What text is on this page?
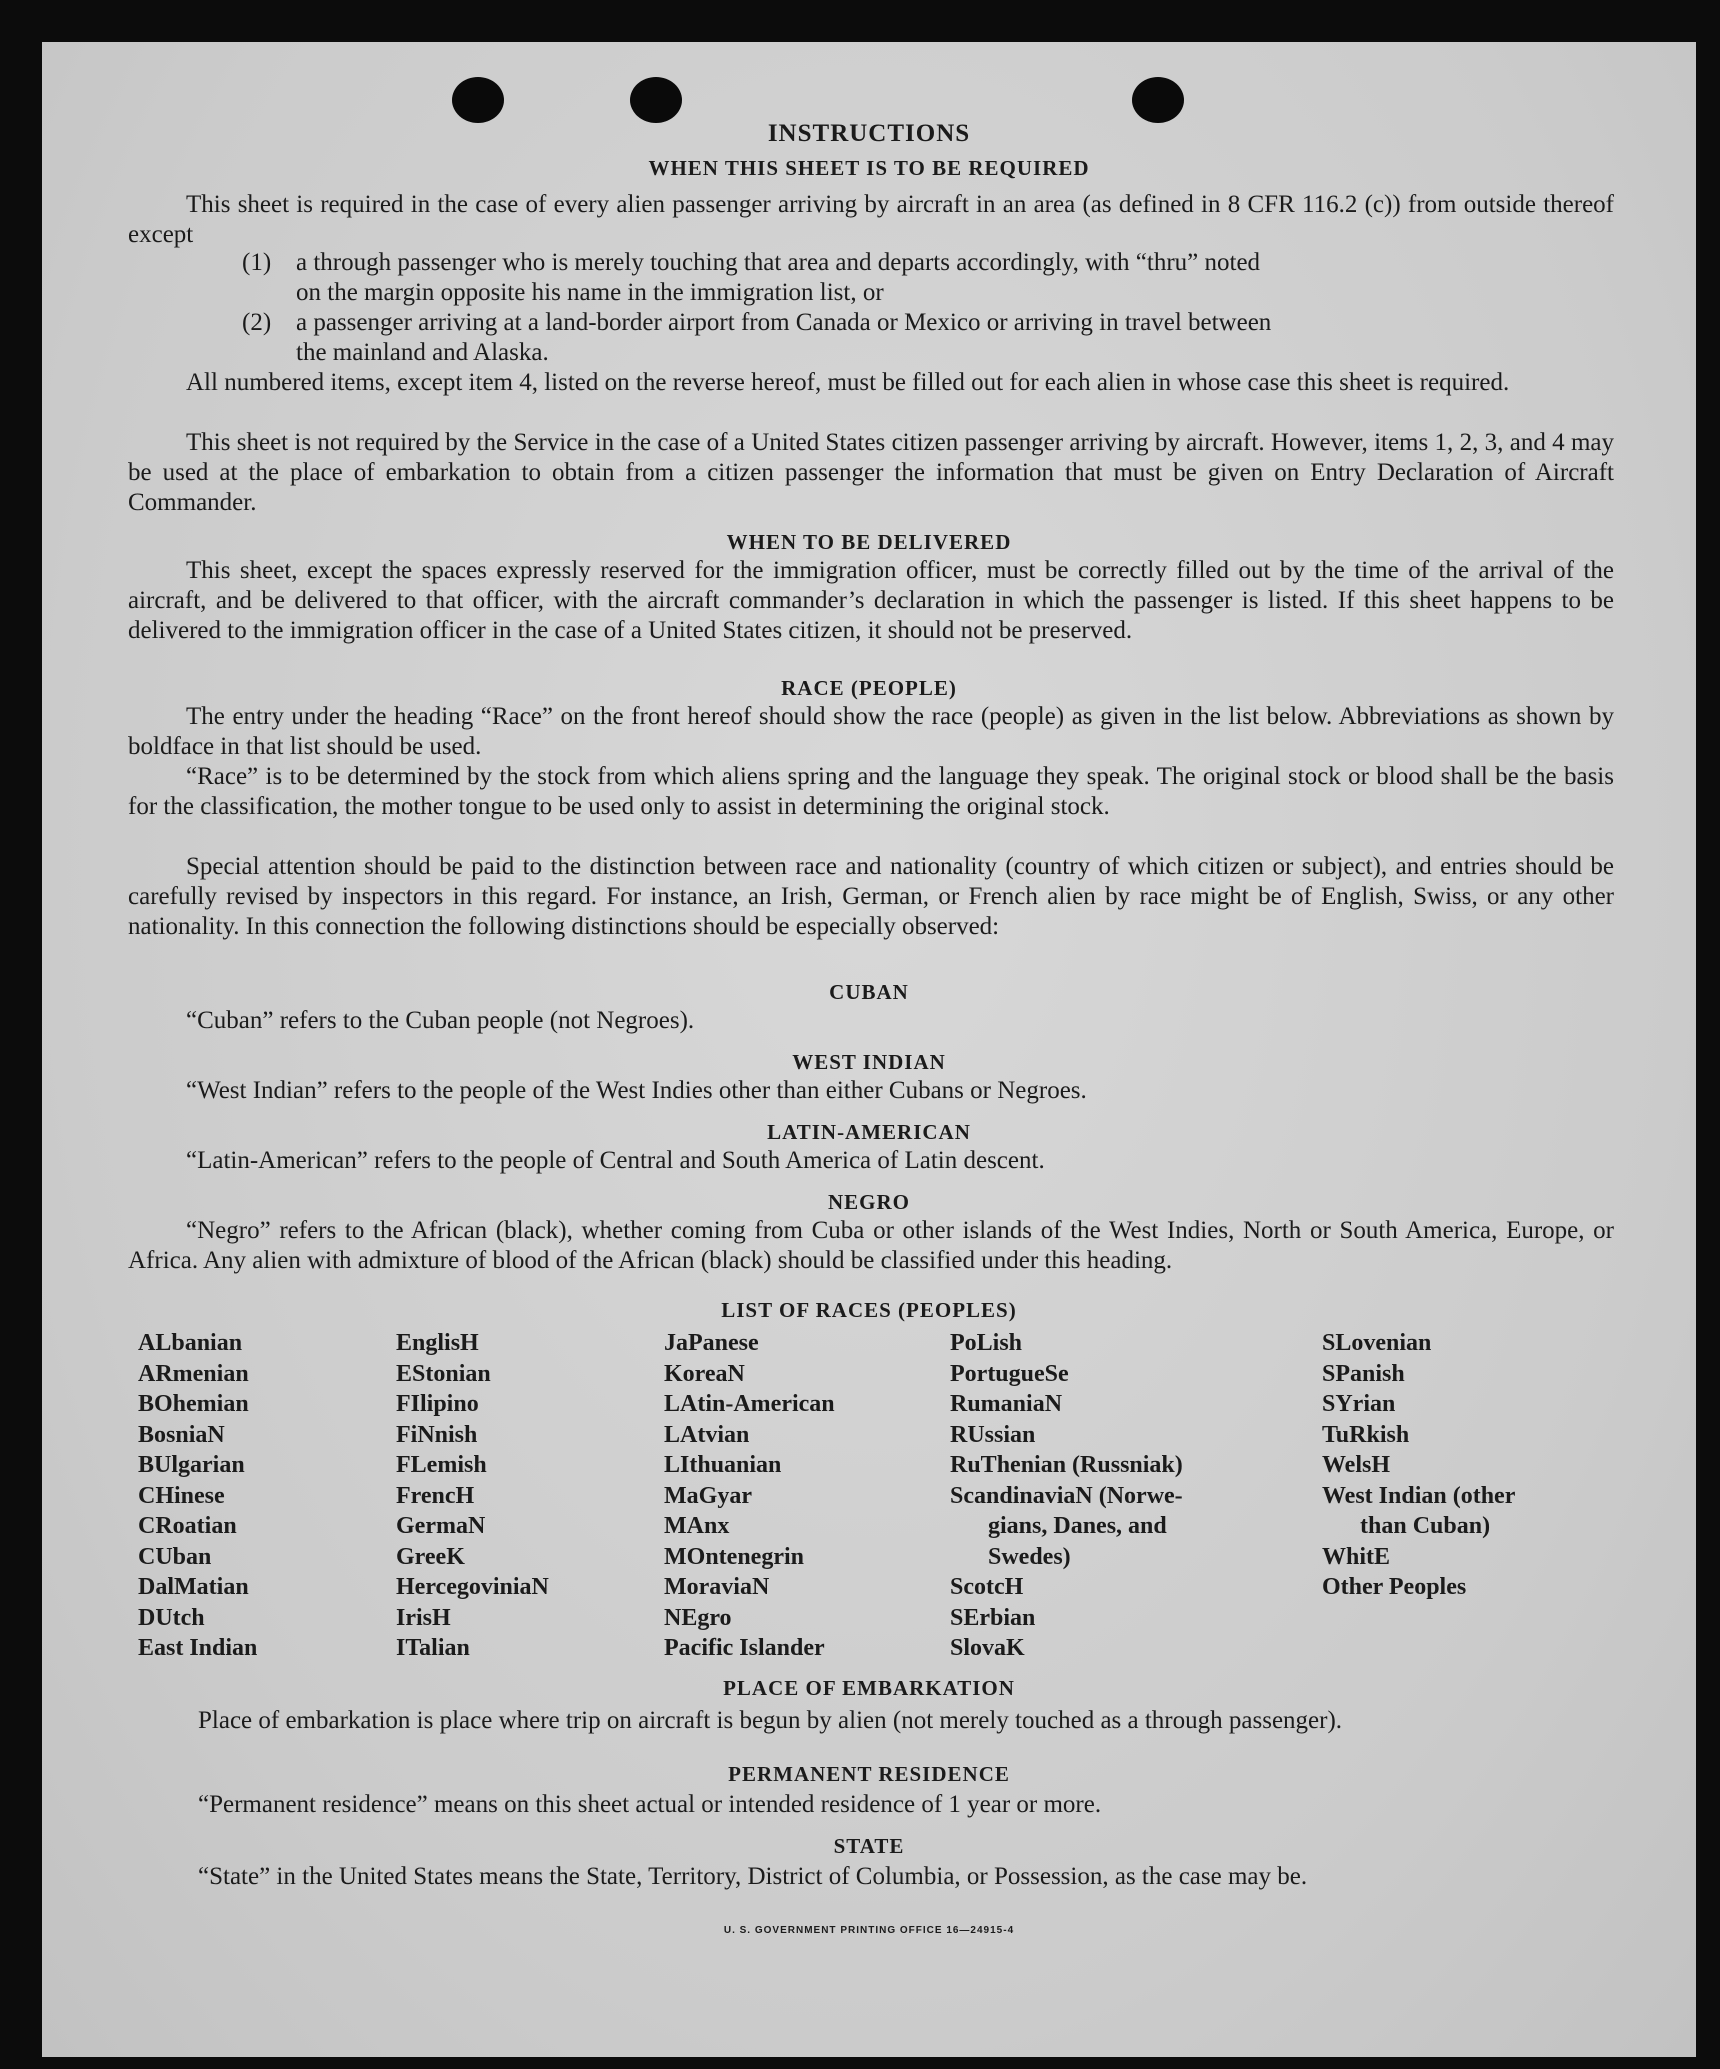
INSTRUCTIONS
WHEN THIS SHEET IS TO BE REQUIRED

This sheet is required in the case of every alien passenger arriving by aircraft in an area (as defined in 8 CFR 116.2 (c)) from outside thereof except

(1) a through passenger who is merely touching that area and departs accordingly, with “thru” noted
on the margin opposite his name in the immigration list, or
(2) a passenger arriving at a land-border airport from Canada or Mexico or arriving in travel between
the mainland and Alaska.

All numbered items, except item 4, listed on the reverse hereof, must be filled out for each alien in whose case this sheet is required.

This sheet is not required by the Service in the case of a United States citizen passenger arriving by aircraft. However, items 1, 2, 3, and 4 may be used at the place of embarkation to obtain from a citizen passenger the information that must be given on Entry Declaration of Aircraft Commander.

WHEN TO BE DELIVERED

This sheet, except the spaces expressly reserved for the immigration officer, must be correctly filled out by the time of the arrival of the aircraft, and be delivered to that officer, with the aircraft commander’s declaration in which the passenger is listed. If this sheet happens to be delivered to the immigration officer in the case of a United States citizen, it should not be preserved.

RACE (PEOPLE)

The entry under the heading “Race” on the front hereof should show the race (people) as given in the list below. Abbreviations as shown by boldface in that list should be used.

“Race” is to be determined by the stock from which aliens spring and the language they speak. The original stock or blood shall be the basis for the classification, the mother tongue to be used only to assist in determining the original stock.

Special attention should be paid to the distinction between race and nationality (country of which citizen or subject), and entries should be carefully revised by inspectors in this regard. For instance, an Irish, German, or French alien by race might be of English, Swiss, or any other nationality. In this connection the following distinctions should be especially observed:

CUBAN

“Cuban” refers to the Cuban people (not Negroes).

WEST INDIAN

“West Indian” refers to the people of the West Indies other than either Cubans or Negroes.

LATIN-AMERICAN

“Latin-American” refers to the people of Central and South America of Latin descent.

NEGRO

“Negro” refers to the African (black), whether coming from Cuba or other islands of the West Indies, North or South America, Europe, or Africa. Any alien with admixture of blood of the African (black) should be classified under this heading.

LIST OF RACES (PEOPLES)
ALbanian
ARmenian
BOhemian
BosniaN
BUlgarian
CHinese
CRoatian
CUban
DalMatian
DUtch
East Indian
EnglisH
EStonian
FIlipino
FiNnish
FLemish
FrencH
GermaN
GreeK
HercegoviniaN
IrisH
ITalian
JaPanese
KoreaN
LAtin-American
LAtvian
LIthuanian
MaGyar
MAnx
MOntenegrin
MoraviaN
NEgro
Pacific Islander
PoLish
PortugueSe
RumaniaN
RUssian
RuThenian (Russniak)
ScandinaviaN (Norwe-
gians, Danes, and
Swedes)
ScotcH
SErbian
SlovaK
SLovenian
SPanish
SYrian
TuRkish
WelsH
West Indian (other
than Cuban)
WhitE
Other Peoples
PLACE OF EMBARKATION

Place of embarkation is place where trip on aircraft is begun by alien (not merely touched as a through passenger).

PERMANENT RESIDENCE

“Permanent residence” means on this sheet actual or intended residence of 1 year or more.

STATE

“State” in the United States means the State, Territory, District of Columbia, or Possession, as the case may be.

U. S. GOVERNMENT PRINTING OFFICE 16—24915-4
